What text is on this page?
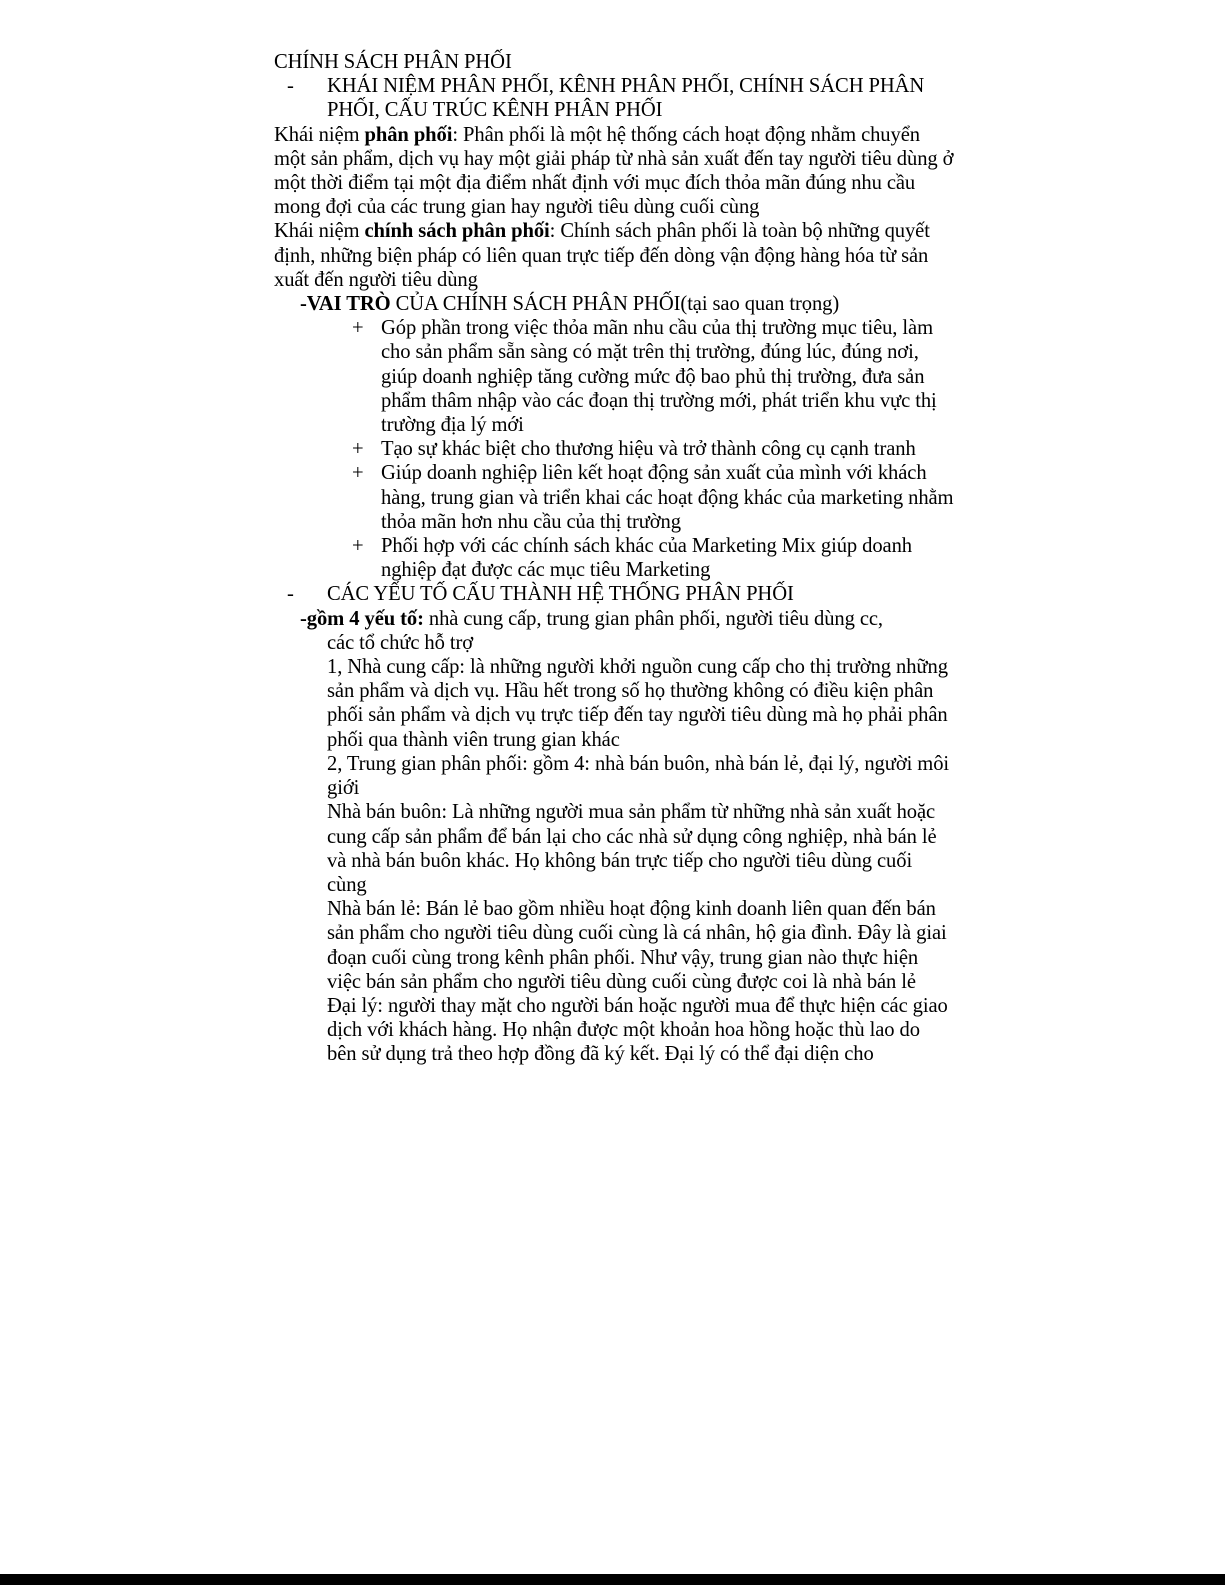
CHÍNH SÁCH PHÂN PHỐI

- KHÁI NIỆM PHÂN PHỐI, KÊNH PHÂN PHỐI, CHÍNH SÁCH PHÂN PHỐI, CẤU TRÚC KÊNH PHÂN PHỐI

Khái niệm phân phối: Phân phối là một hệ thống cách hoạt động nhằm chuyển một sản phẩm, dịch vụ hay một giải pháp từ nhà sản xuất đến tay người tiêu dùng ở một thời điểm tại một địa điểm nhất định với mục đích thỏa mãn đúng nhu cầu mong đợi của các trung gian hay người tiêu dùng cuối cùng

Khái niệm chính sách phân phối: Chính sách phân phối là toàn bộ những quyết định, những biện pháp có liên quan trực tiếp đến dòng vận động hàng hóa từ sản xuất đến người tiêu dùng

-VAI TRÒ CỦA CHÍNH SÁCH PHÂN PHỐI(tại sao quan trọng)

+ Góp phần trong việc thỏa mãn nhu cầu của thị trường mục tiêu, làm cho sản phẩm sẵn sàng có mặt trên thị trường, đúng lúc, đúng nơi, giúp doanh nghiệp tăng cường mức độ bao phủ thị trường, đưa sản phẩm thâm nhập vào các đoạn thị trường mới, phát triển khu vực thị trường địa lý mới

+ Tạo sự khác biệt cho thương hiệu và trở thành công cụ cạnh tranh

+ Giúp doanh nghiệp liên kết hoạt động sản xuất của mình với khách hàng, trung gian và triển khai các hoạt động khác của marketing nhằm thỏa mãn hơn nhu cầu của thị trường

+ Phối hợp với các chính sách khác của Marketing Mix giúp doanh nghiệp đạt được các mục tiêu Marketing

- CÁC YẾU TỐ CẤU THÀNH HỆ THỐNG PHÂN PHỐI

-gồm 4 yếu tố: nhà cung cấp, trung gian phân phối, người tiêu dùng cc,
các tổ chức hỗ trợ

1, Nhà cung cấp: là những người khởi nguồn cung cấp cho thị trường những sản phẩm và dịch vụ. Hầu hết trong số họ thường không có điều kiện phân phối sản phẩm và dịch vụ trực tiếp đến tay người tiêu dùng mà họ phải phân phối qua thành viên trung gian khác

2, Trung gian phân phối: gồm 4: nhà bán buôn, nhà bán lẻ, đại lý, người môi giới

Nhà bán buôn: Là những người mua sản phẩm từ những nhà sản xuất hoặc cung cấp sản phẩm để bán lại cho các nhà sử dụng công nghiệp, nhà bán lẻ và nhà bán buôn khác. Họ không bán trực tiếp cho người tiêu dùng cuối cùng

Nhà bán lẻ: Bán lẻ bao gồm nhiều hoạt động kinh doanh liên quan đến bán sản phẩm cho người tiêu dùng cuối cùng là cá nhân, hộ gia đình. Đây là giai đoạn cuối cùng trong kênh phân phối. Như vậy, trung gian nào thực hiện việc bán sản phẩm cho người tiêu dùng cuối cùng được coi là nhà bán lẻ

Đại lý: người thay mặt cho người bán hoặc người mua để thực hiện các giao dịch với khách hàng. Họ nhận được một khoản hoa hồng hoặc thù lao do bên sử dụng trả theo hợp đồng đã ký kết. Đại lý có thể đại diện cho
